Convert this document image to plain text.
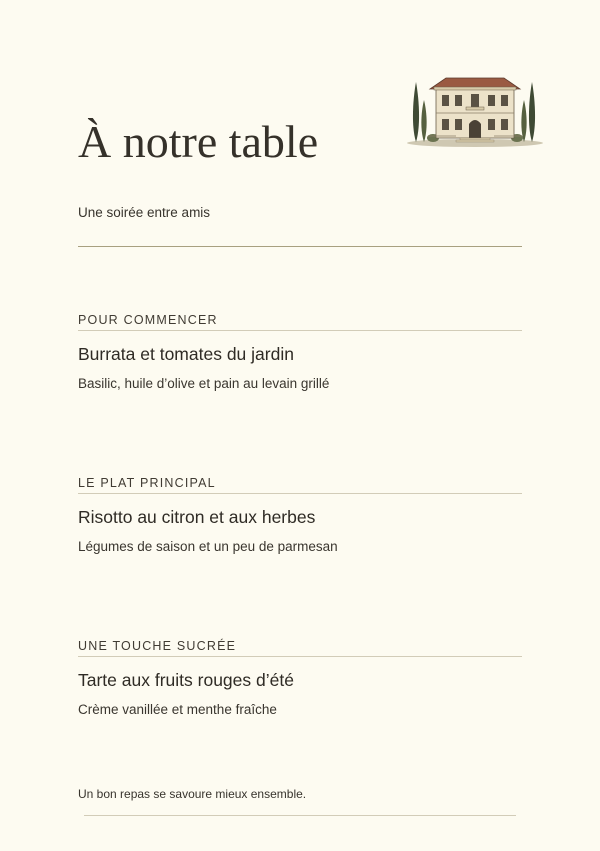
À notre table
Une soirée entre amis
POUR COMMENCER
Burrata et tomates du jardin
Basilic, huile d’olive et pain au levain grillé
LE PLAT PRINCIPAL
Risotto au citron et aux herbes
Légumes de saison et un peu de parmesan
UNE TOUCHE SUCRÉE
Tarte aux fruits rouges d’été
Crème vanillée et menthe fraîche
Un bon repas se savoure mieux ensemble.
